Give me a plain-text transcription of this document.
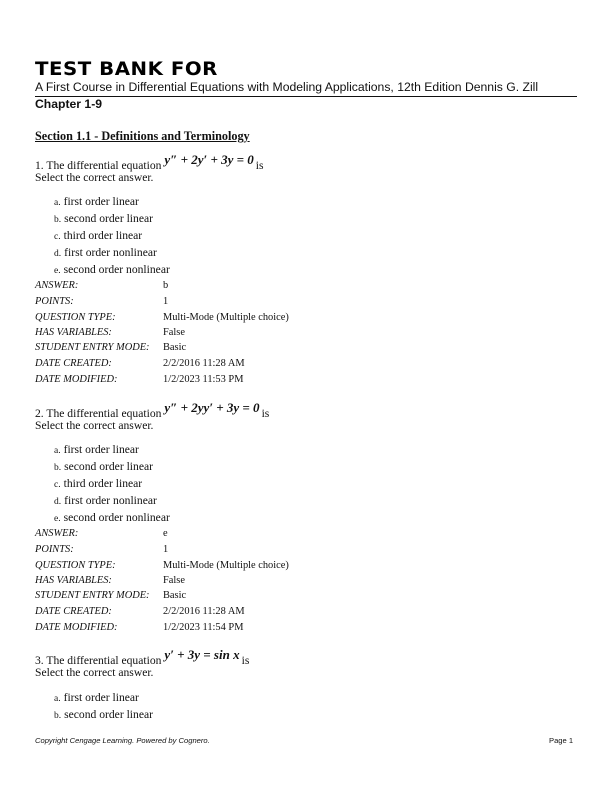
TEST BANK FOR
A First Course in Differential Equations with Modeling Applications, 12th Edition Dennis G. Zill
Chapter 1-9
Section 1.1 - Definitions and Terminology
1. The differential equation y″ + 2y′ + 3y = 0 is
Select the correct answer.
a. first order linear
b. second order linear
c. third order linear
d. first order nonlinear
e. second order nonlinear
ANSWER:	b
POINTS:	1
QUESTION TYPE:	Multi-Mode (Multiple choice)
HAS VARIABLES:	False
STUDENT ENTRY MODE: Basic
DATE CREATED:	2/2/2016 11:28 AM
DATE MODIFIED:	1/2/2023 11:53 PM
2. The differential equation y″ + 2yy′ + 3y = 0 is
Select the correct answer.
a. first order linear
b. second order linear
c. third order linear
d. first order nonlinear
e. second order nonlinear
ANSWER:	e
POINTS:	1
QUESTION TYPE:	Multi-Mode (Multiple choice)
HAS VARIABLES:	False
STUDENT ENTRY MODE: Basic
DATE CREATED:	2/2/2016 11:28 AM
DATE MODIFIED:	1/2/2023 11:54 PM
3. The differential equation y′ + 3y = sin x is
Select the correct answer.
a. first order linear
b. second order linear
Copyright Cengage Learning. Powered by Cognero.	Page 1
